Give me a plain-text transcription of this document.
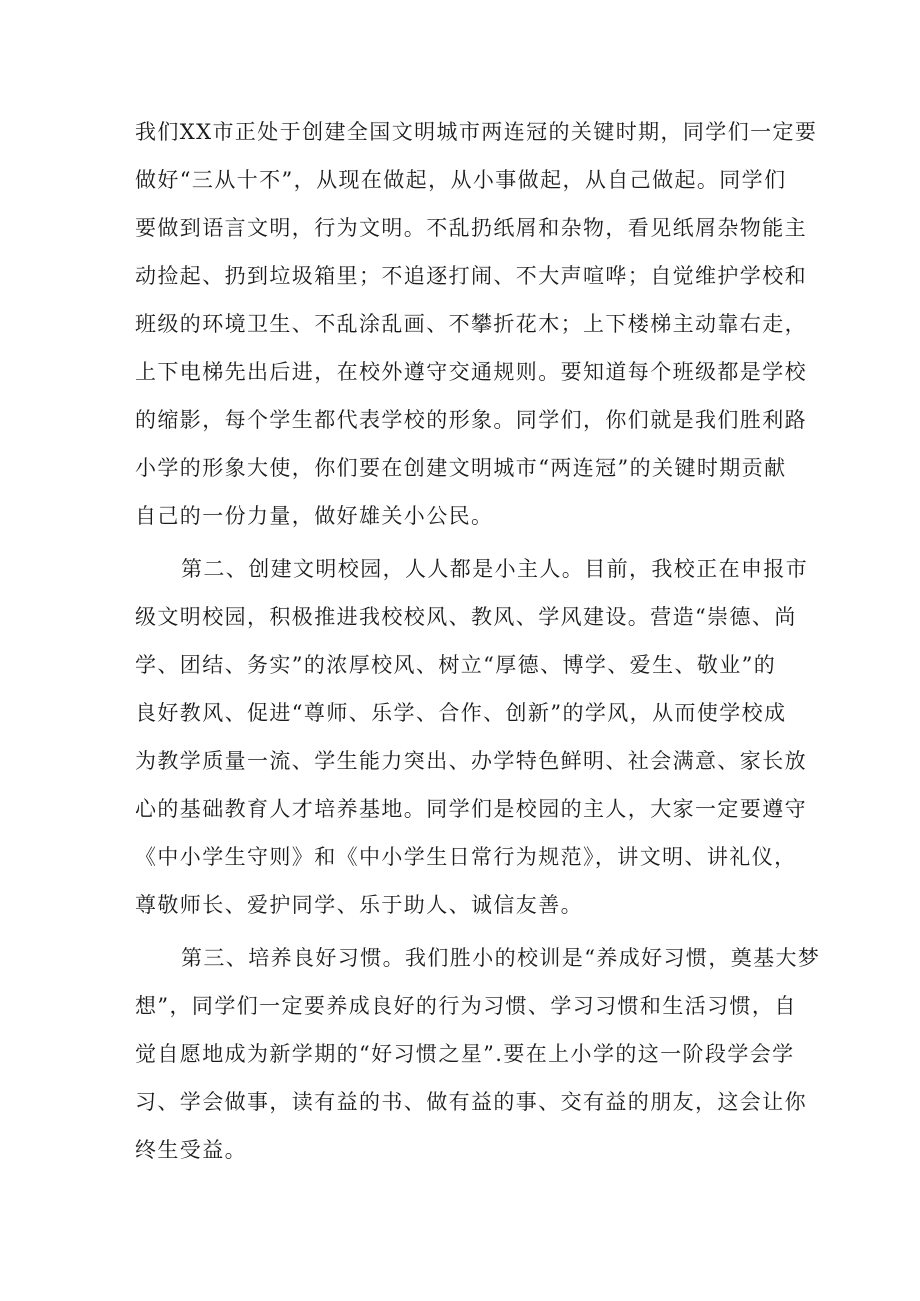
我们XX市正处于创建全国文明城市两连冠的关键时期，同学们一定要
做好“三从十不”，从现在做起，从小事做起，从自己做起。同学们
要做到语言文明，行为文明。不乱扔纸屑和杂物，看见纸屑杂物能主
动捡起、扔到垃圾箱里；不追逐打闹、不大声喧哗；自觉维护学校和
班级的环境卫生、不乱涂乱画、不攀折花木；上下楼梯主动靠右走，
上下电梯先出后进，在校外遵守交通规则。要知道每个班级都是学校
的缩影，每个学生都代表学校的形象。同学们，你们就是我们胜利路
小学的形象大使，你们要在创建文明城市“两连冠”的关键时期贡献
自己的一份力量，做好雄关小公民。
第二、创建文明校园，人人都是小主人。目前，我校正在申报市
级文明校园，积极推进我校校风、教风、学风建设。营造“崇德、尚
学、团结、务实”的浓厚校风、树立“厚德、博学、爱生、敬业”的
良好教风、促进“尊师、乐学、合作、创新”的学风，从而使学校成
为教学质量一流、学生能力突出、办学特色鲜明、社会满意、家长放
心的基础教育人才培养基地。同学们是校园的主人，大家一定要遵守
《中小学生守则》和《中小学生日常行为规范》，讲文明、讲礼仪，
尊敬师长、爱护同学、乐于助人、诚信友善。
第三、培养良好习惯。我们胜小的校训是“养成好习惯，奠基大梦
想”，同学们一定要养成良好的行为习惯、学习习惯和生活习惯，自
觉自愿地成为新学期的“好习惯之星”.要在上小学的这一阶段学会学
习、学会做事，读有益的书、做有益的事、交有益的朋友，这会让你
终生受益。
